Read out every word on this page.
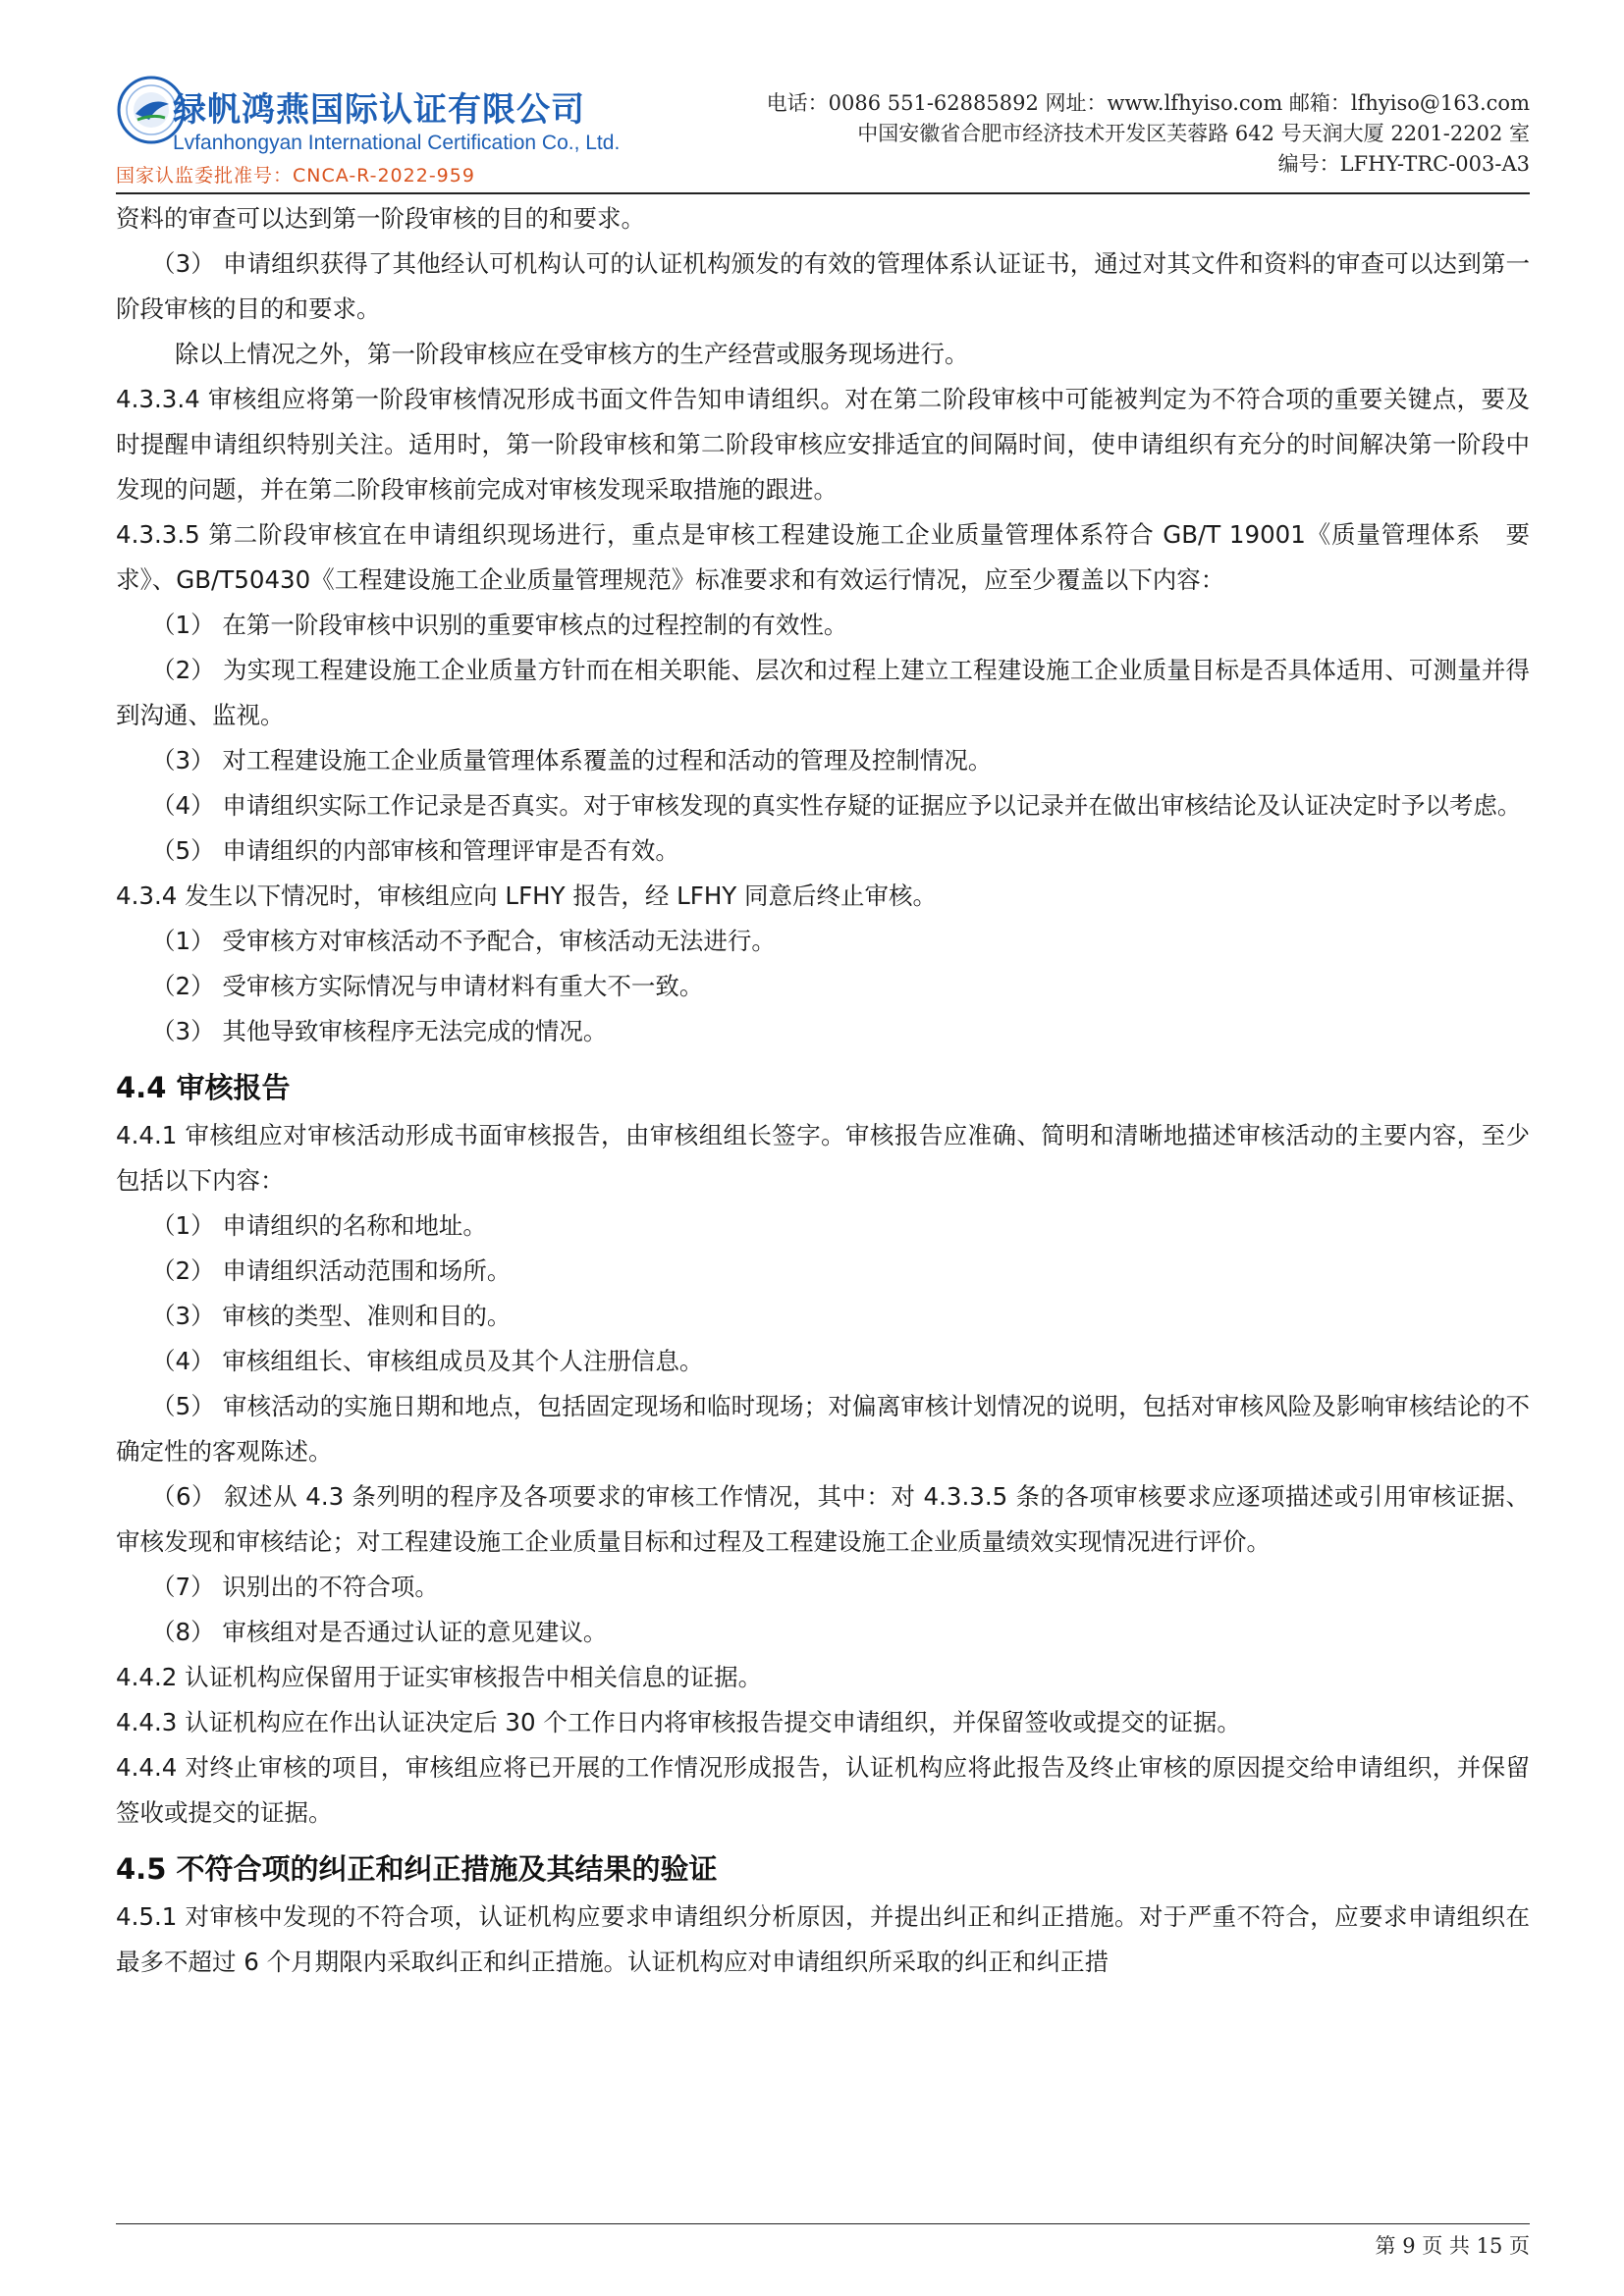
绿帆鸿燕国际认证有限公司
Lvfanhongyan International Certification Co., Ltd.
国家认监委批准号：CNCA-R-2022-959
电话：0086 551-62885892 网址：www.lfhyiso.com 邮箱：lfhyiso@163.com
中国安徽省合肥市经济技术开发区芙蓉路 642 号天润大厦 2201-2202 室
编号：LFHY-TRC-003-A3

资料的审查可以达到第一阶段审核的目的和要求。

（3） 申请组织获得了其他经认可机构认可的认证机构颁发的有效的管理体系认证证书，通过对其文件和资料的审查可以达到第一阶段审核的目的和要求。

除以上情况之外，第一阶段审核应在受审核方的生产经营或服务现场进行。

4.3.3.4 审核组应将第一阶段审核情况形成书面文件告知申请组织。对在第二阶段审核中可能被判定为不符合项的重要关键点，要及时提醒申请组织特别关注。适用时，第一阶段审核和第二阶段审核应安排适宜的间隔时间，使申请组织有充分的时间解决第一阶段中发现的问题，并在第二阶段审核前完成对审核发现采取措施的跟进。

4.3.3.5 第二阶段审核宜在申请组织现场进行，重点是审核工程建设施工企业质量管理体系符合 GB/T 19001《质量管理体系　要求》、GB/T50430《工程建设施工企业质量管理规范》标准要求和有效运行情况，应至少覆盖以下内容：

（1） 在第一阶段审核中识别的重要审核点的过程控制的有效性。

（2） 为实现工程建设施工企业质量方针而在相关职能、层次和过程上建立工程建设施工企业质量目标是否具体适用、可测量并得到沟通、监视。

（3） 对工程建设施工企业质量管理体系覆盖的过程和活动的管理及控制情况。

（4） 申请组织实际工作记录是否真实。对于审核发现的真实性存疑的证据应予以记录并在做出审核结论及认证决定时予以考虑。

（5） 申请组织的内部审核和管理评审是否有效。

4.3.4 发生以下情况时，审核组应向 LFHY 报告，经 LFHY 同意后终止审核。

（1） 受审核方对审核活动不予配合，审核活动无法进行。

（2） 受审核方实际情况与申请材料有重大不一致。

（3） 其他导致审核程序无法完成的情况。

4.4 审核报告

4.4.1 审核组应对审核活动形成书面审核报告，由审核组组长签字。审核报告应准确、简明和清晰地描述审核活动的主要内容，至少包括以下内容：

（1） 申请组织的名称和地址。

（2） 申请组织活动范围和场所。

（3） 审核的类型、准则和目的。

（4） 审核组组长、审核组成员及其个人注册信息。

（5） 审核活动的实施日期和地点，包括固定现场和临时现场；对偏离审核计划情况的说明，包括对审核风险及影响审核结论的不确定性的客观陈述。

（6） 叙述从 4.3 条列明的程序及各项要求的审核工作情况，其中：对 4.3.3.5 条的各项审核要求应逐项描述或引用审核证据、审核发现和审核结论；对工程建设施工企业质量目标和过程及工程建设施工企业质量绩效实现情况进行评价。

（7） 识别出的不符合项。

（8） 审核组对是否通过认证的意见建议。

4.4.2 认证机构应保留用于证实审核报告中相关信息的证据。

4.4.3 认证机构应在作出认证决定后 30 个工作日内将审核报告提交申请组织，并保留签收或提交的证据。

4.4.4 对终止审核的项目，审核组应将已开展的工作情况形成报告，认证机构应将此报告及终止审核的原因提交给申请组织，并保留签收或提交的证据。

4.5 不符合项的纠正和纠正措施及其结果的验证

4.5.1 对审核中发现的不符合项，认证机构应要求申请组织分析原因，并提出纠正和纠正措施。对于严重不符合，应要求申请组织在最多不超过 6 个月期限内采取纠正和纠正措施。认证机构应对申请组织所采取的纠正和纠正措

第 9 页 共 15 页
